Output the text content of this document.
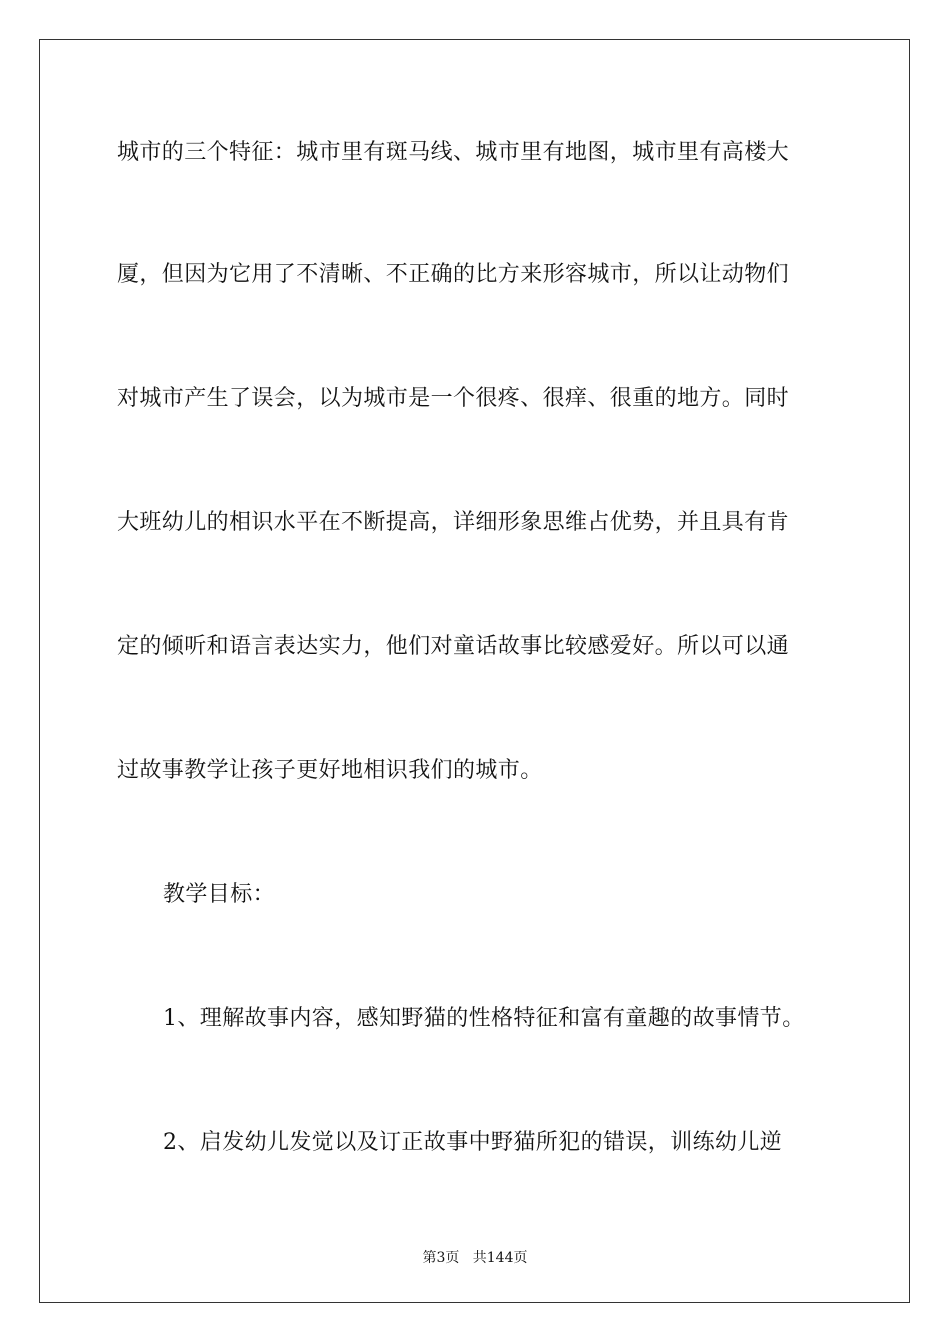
城市的三个特征：城市里有斑马线、城市里有地图，城市里有高楼大
厦，但因为它用了不清晰、不正确的比方来形容城市，所以让动物们
对城市产生了误会，以为城市是一个很疼、很痒、很重的地方。同时
大班幼儿的相识水平在不断提高，详细形象思维占优势，并且具有肯
定的倾听和语言表达实力，他们对童话故事比较感爱好。所以可以通
过故事教学让孩子更好地相识我们的城市。
教学目标：
1、理解故事内容，感知野猫的性格特征和富有童趣的故事情节。
2、启发幼儿发觉以及订正故事中野猫所犯的错误，训练幼儿逆
第3页   共144页
